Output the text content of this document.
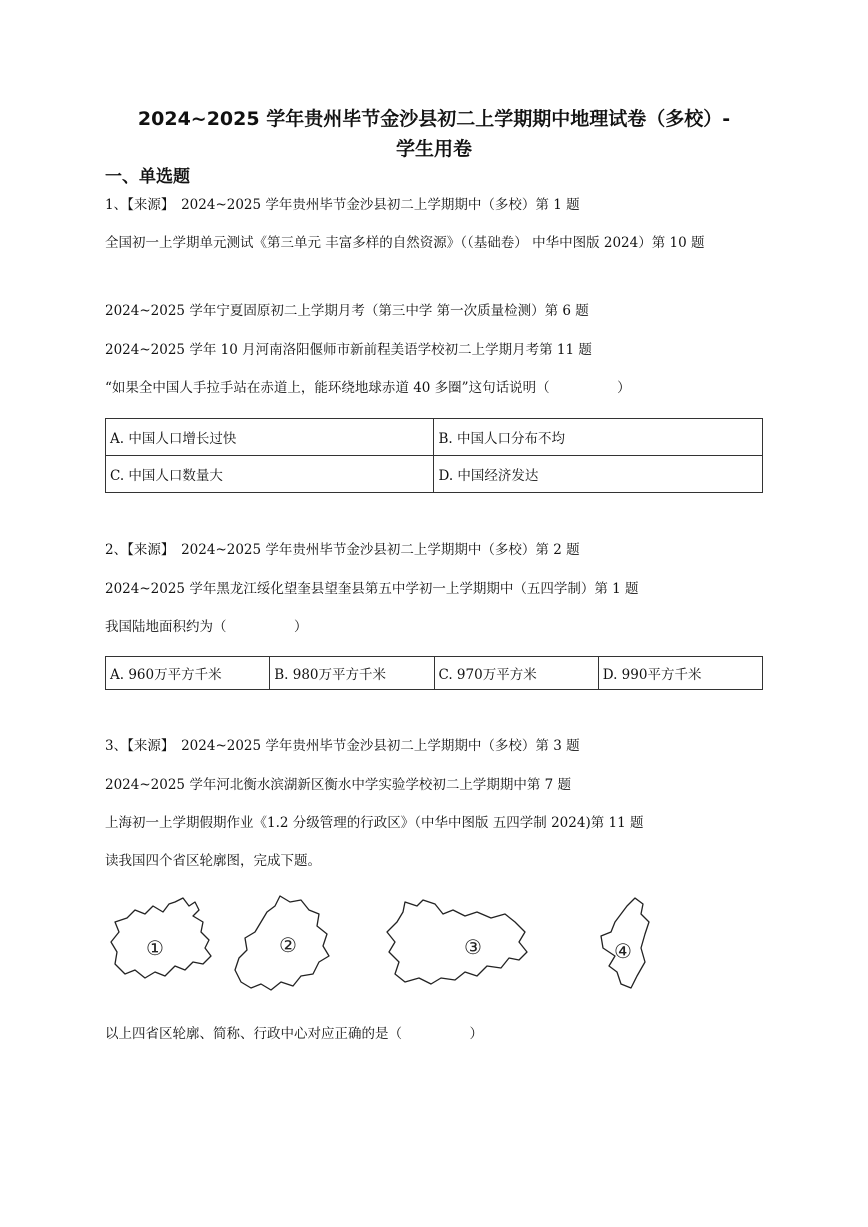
2024~2025 学年贵州毕节金沙县初二上学期期中地理试卷（多校）-
学生用卷
一、单选题
1、【来源】　2024~2025 学年贵州毕节金沙县初二上学期期中（多校）第 1 题
全国初一上学期单元测试《第三单元 丰富多样的自然资源》（（基础卷） 中华中图版 2024）第 10 题
2024~2025 学年宁夏固原初二上学期月考（第三中学 第一次质量检测）第 6 题
2024~2025 学年 10 月河南洛阳偃师市新前程美语学校初二上学期月考第 11 题
“如果全中国人手拉手站在赤道上，能环绕地球赤道 40 多圈”这句话说明（　　　　　）
A. 中国人口增长过快	B. 中国人口分布不均
C. 中国人口数量大	D. 中国经济发达
2、【来源】　2024~2025 学年贵州毕节金沙县初二上学期期中（多校）第 2 题
2024~2025 学年黑龙江绥化望奎县望奎县第五中学初一上学期期中（五四学制）第 1 题
我国陆地面积约为（　　　　　）
A. 960万平方千米	B. 980万平方千米	C. 970万平方米	D. 990平方千米
3、【来源】　2024~2025 学年贵州毕节金沙县初二上学期期中（多校）第 3 题
2024~2025 学年河北衡水滨湖新区衡水中学实验学校初二上学期期中第 7 题
上海初一上学期假期作业《1.2 分级管理的行政区》（中华中图版 五四学制 2024)第 11 题
读我国四个省区轮廓图，完成下题。
①	②	③	④
以上四省区轮廓、简称、行政中心对应正确的是（　　　　　）
